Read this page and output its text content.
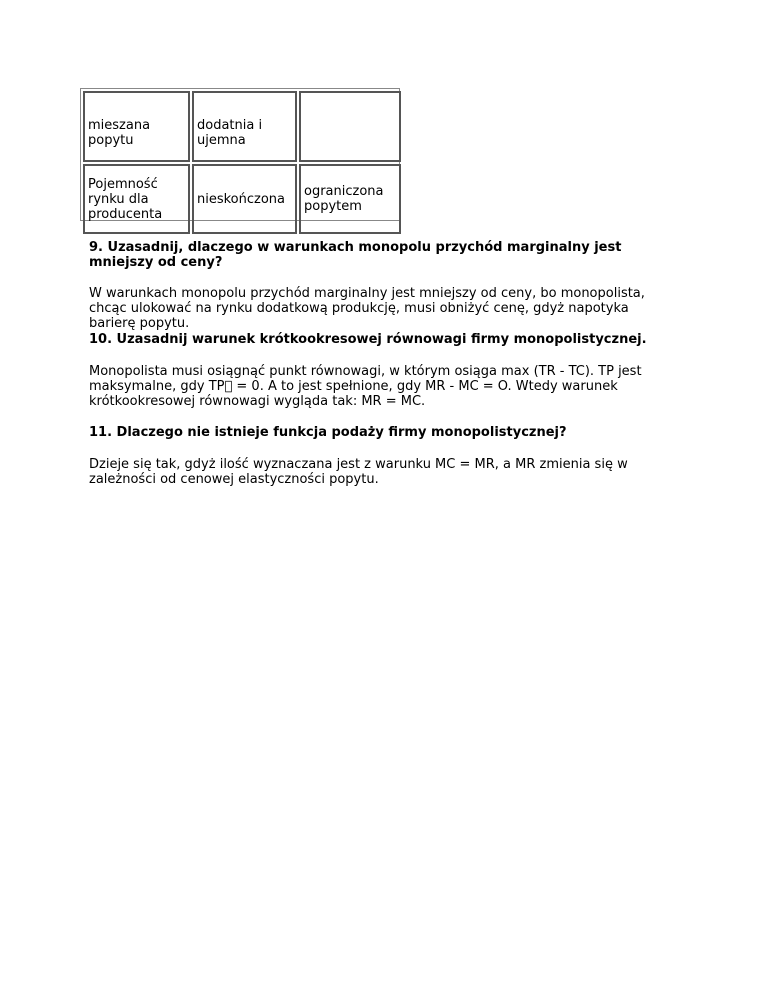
mieszana popytu	dodatnia i ujemna	
Pojemność rynku dla producenta	nieskończona	ograniczona popytem
9. Uzasadnij, dlaczego w warunkach monopolu przychód marginalny jest mniejszy od ceny?
W warunkach monopolu przychód marginalny jest mniejszy od ceny, bo monopolista, chcąc ulokować na rynku dodatkową produkcję, musi obniżyć cenę, gdyż napotyka barierę popytu.
10. Uzasadnij warunek krótkookresowej równowagi firmy monopolistycznej.
Monopolista musi osiągnąć punkt równowagi, w którym osiąga max (TR - TC). TP jest maksymalne, gdy TP = 0. A to jest spełnione, gdy MR - MC = O. Wtedy warunek krótkookresowej równowagi wygląda tak: MR = MC.
11. Dlaczego nie istnieje funkcja podaży firmy monopolistycznej?
Dzieje się tak, gdyż ilość wyznaczana jest z warunku MC = MR, a MR zmienia się w zależności od cenowej elastyczności popytu.
